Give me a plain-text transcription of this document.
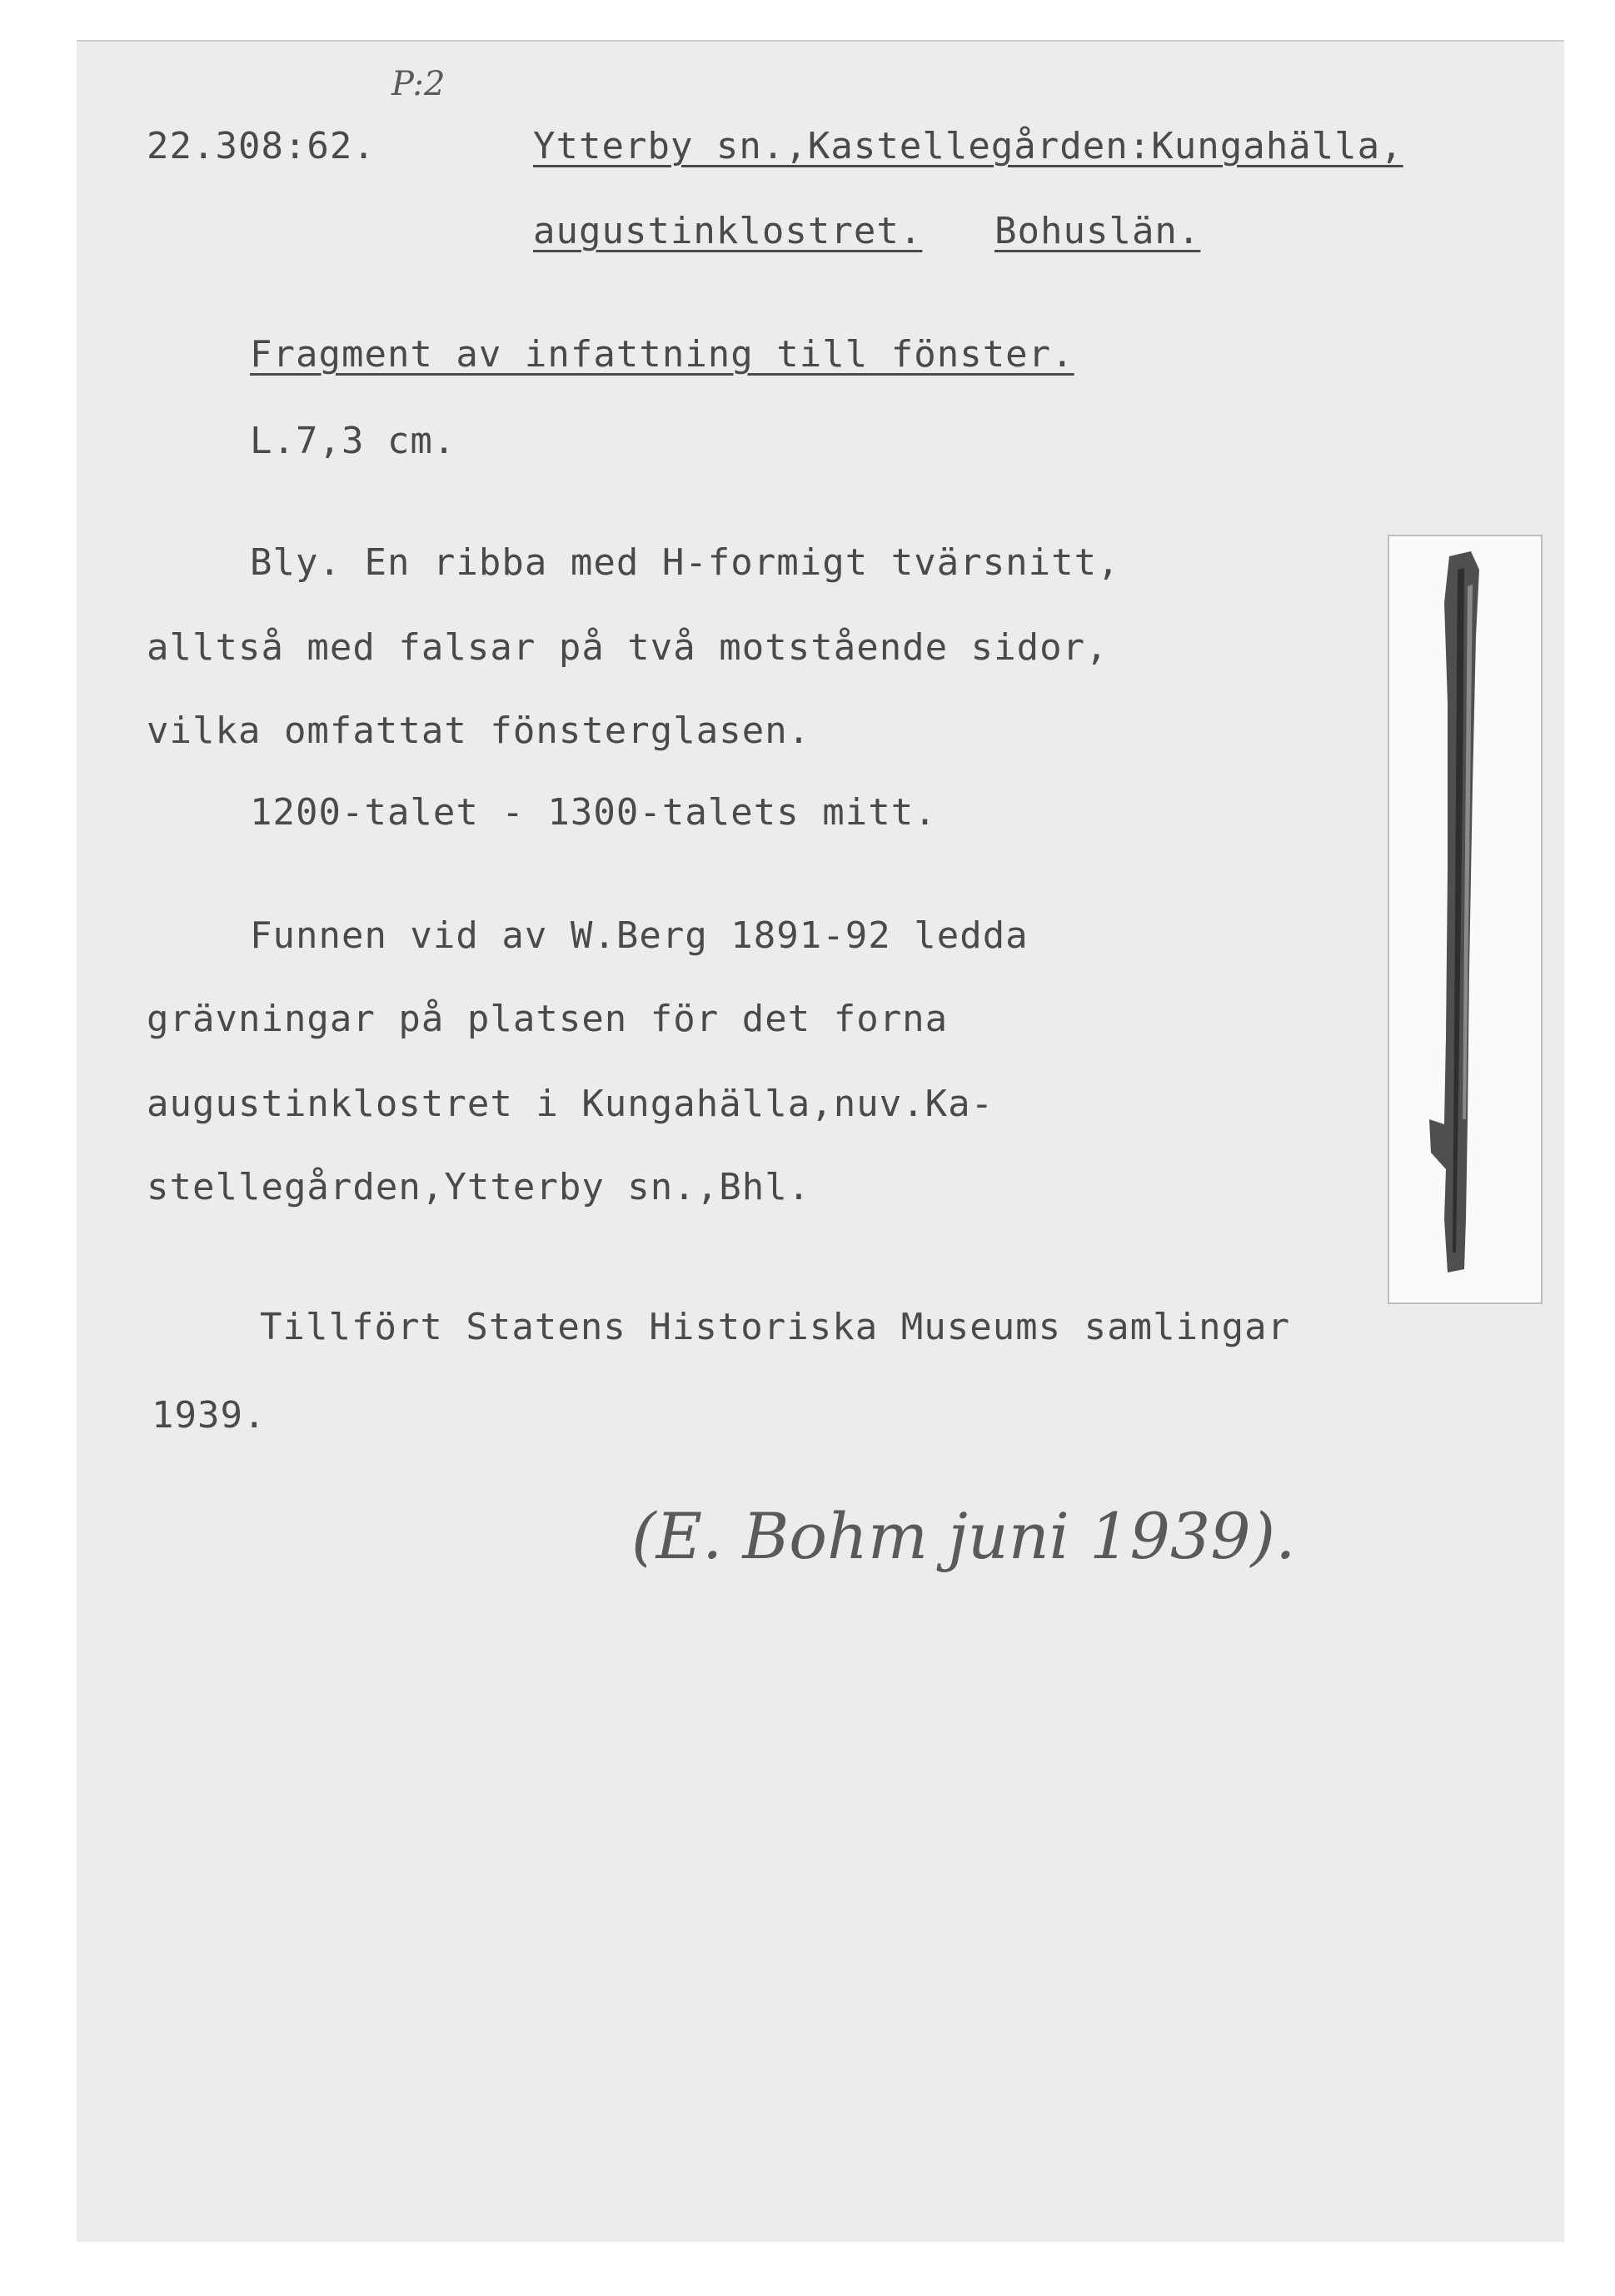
P:2
22.308:62.	Ytterby sn.,Kastellegården:Kungahälla,
augustinklostret. Bohuslän.
Fragment av infattning till fönster.
L.7,3 cm.
Bly. En ribba med H-formigt tvärsnitt,
alltså med falsar på två motstående sidor,
vilka omfattat fönsterglasen.
1200-talet - 1300-talets mitt.
Funnen vid av W.Berg 1891-92 ledda
grävningar på platsen för det forna
augustinklostret i Kungahälla,nuv.Ka-
stellegården,Ytterby sn.,Bhl.
Tillfört Statens Historiska Museums samlingar
1939.
(E. Bohm juni 1939).
